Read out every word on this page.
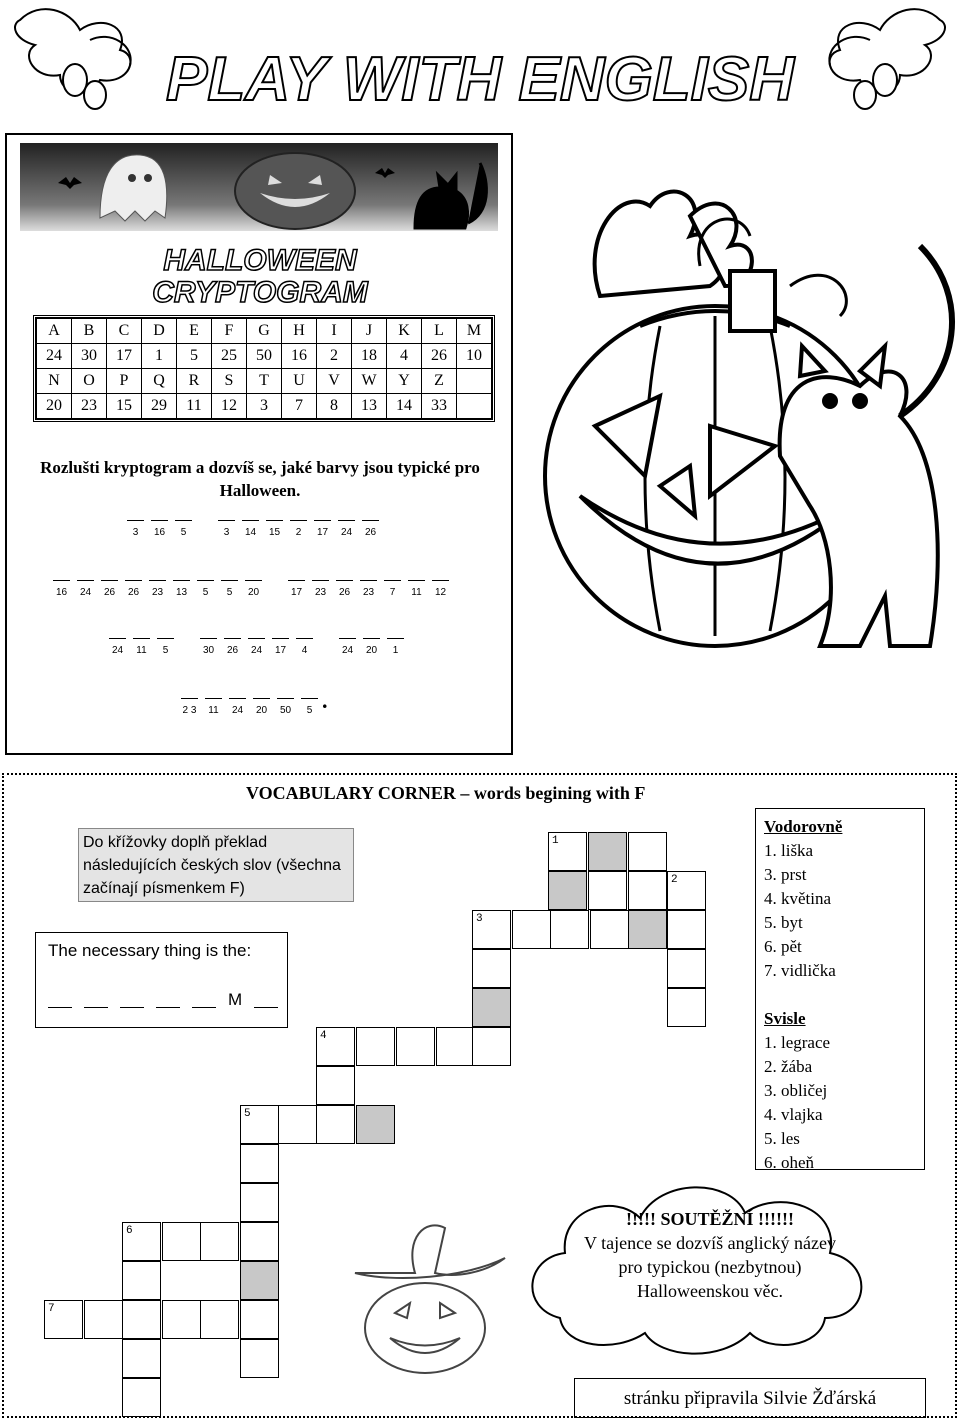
PLAY WITH ENGLISH
HALLOWEEN
CRYPTOGRAM
A	B	C	D	E	F	G	H	I	J	K	L	M
24	30	17	1	5	25	50	16	2	18	4	26	10
N	O	P	Q	R	S	T	U	V	W	Y	Z	
20	23	15	29	11	12	3	7	8	13	14	33	
Rozlušti kryptogram a dozvíš se, jaké barvy jsou typické pro Halloween.
3	16	5	3	14	15	2	17	24	26
16	24	26	26	23	13	5	5	20	17	23	26	23	7	11	12
24	11	5	30	26	24	17	4	24	20	1
2 3	11	24	20	50	5 .
VOCABULARY CORNER – words begining with F
Do křížovky doplň překlad následujících českých slov (všechna začínají písmenkem F)
The necessary thing is the:
M
1
2
3
4
5
6
7
Vodorovně
1. liška
3. prst
4. květina
5. byt
6. pět
7. vidlička
Svisle
1. legrace
2. žába
3. obličej
4. vlajka
5. les
6. oheň
!!!!! SOUTĚŽNÍ !!!!!!
V tajence se dozvíš anglický název pro typickou (nezbytnou) Halloweenskou věc.
stránku připravila Silvie Žďárská
